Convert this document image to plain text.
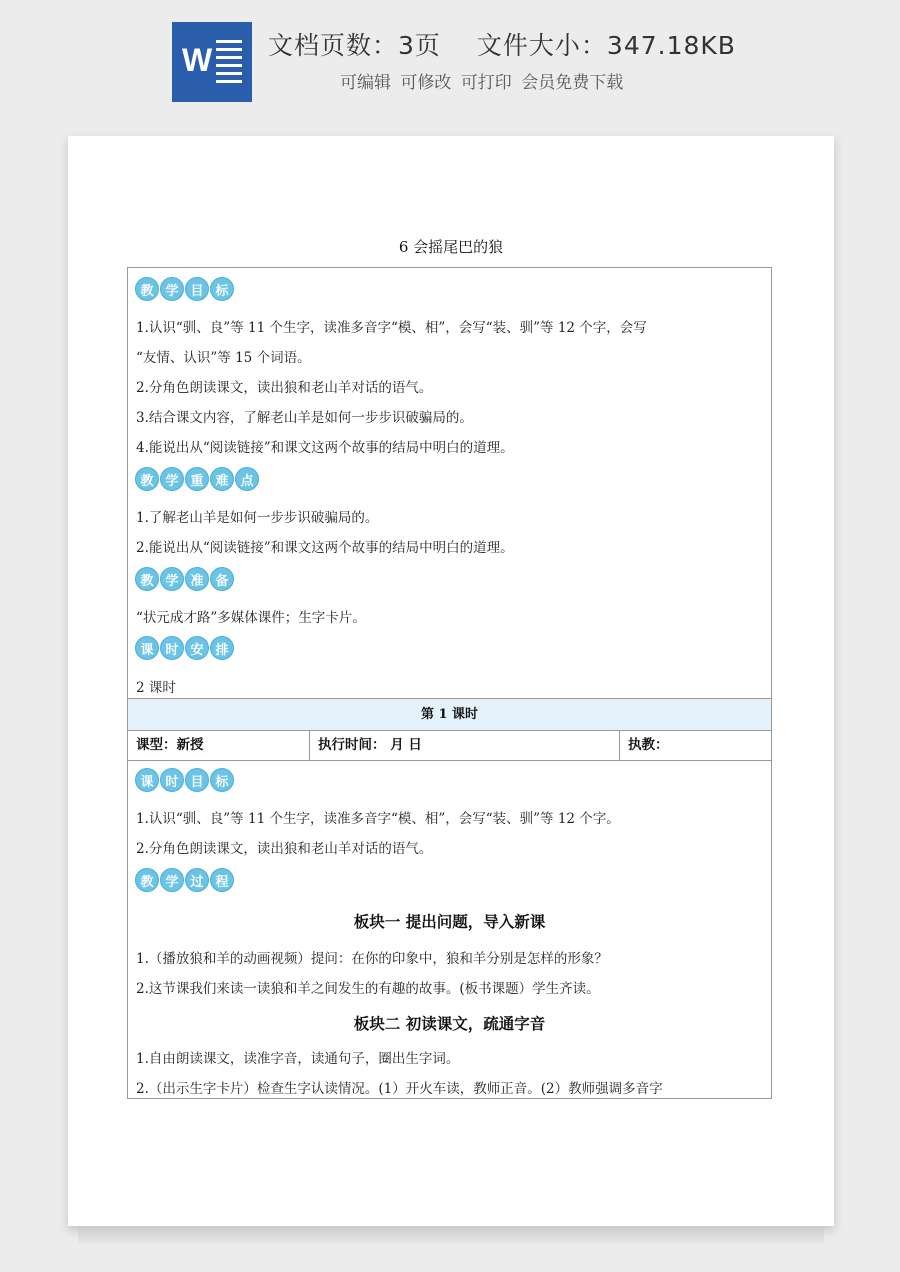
W 文档页数：3页 文件大小：347.18KB
可编辑 可修改 可打印 会员免费下载
6 会摇尾巴的狼
教 学 目 标
1.认识“驯、良”等 11 个生字，读准多音字“模、相”，会写“装、驯”等 12 个字，会写
“友情、认识”等 15 个词语。
2.分角色朗读课文，读出狼和老山羊对话的语气。
3.结合课文内容，了解老山羊是如何一步步识破骗局的。
4.能说出从“阅读链接”和课文这两个故事的结局中明白的道理。
教 学 重 难 点
1.了解老山羊是如何一步步识破骗局的。
2.能说出从“阅读链接”和课文这两个故事的结局中明白的道理。
教 学 准 备
“状元成才路”多媒体课件；生字卡片。
课 时 安 排
2 课时
第 1 课时
课型：新授	执行时间： 月 日	执教：
课 时 目 标
1.认识“驯、良”等 11 个生字，读准多音字“模、相”，会写“装、驯”等 12 个字。
2.分角色朗读课文，读出狼和老山羊对话的语气。
教 学 过 程
板块一 提出问题，导入新课
1.（播放狼和羊的动画视频）提问：在你的印象中，狼和羊分别是怎样的形象？
2.这节课我们来读一读狼和羊之间发生的有趣的故事。(板书课题）学生齐读。
板块二 初读课文，疏通字音
1.自由朗读课文，读准字音，读通句子，圈出生字词。
2.（出示生字卡片）检查生字认读情况。(1）开火车读，教师正音。(2）教师强调多音字
